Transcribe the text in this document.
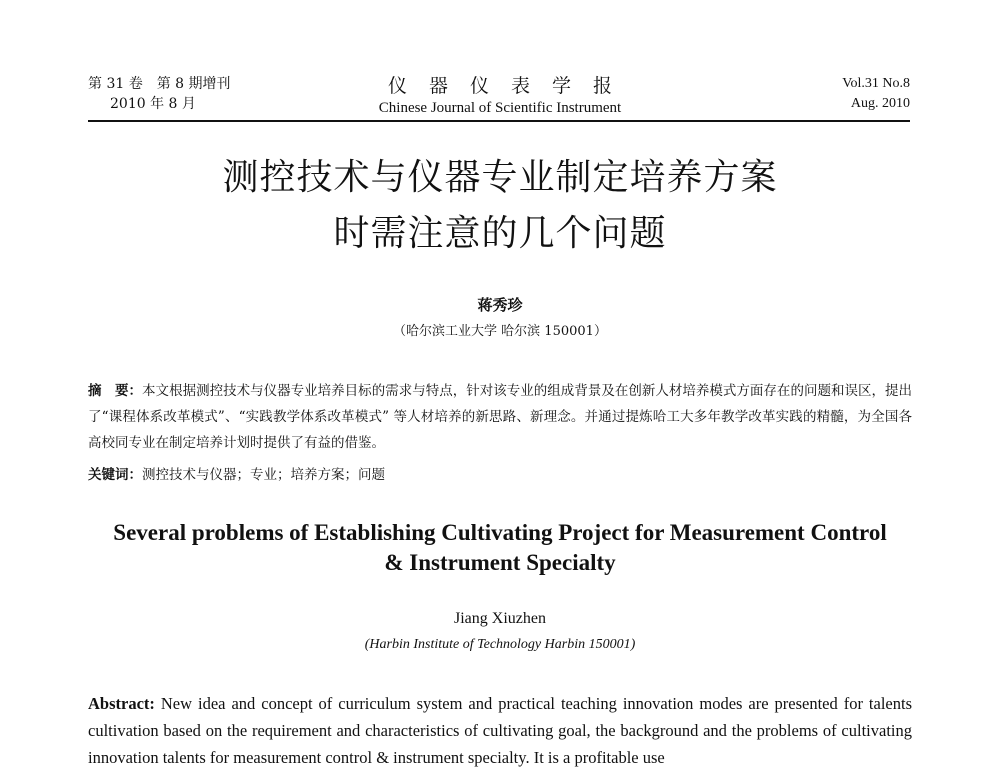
第 31 卷　第 8 期增刊
2010 年 8 月
仪器仪表学报
Chinese Journal of Scientific Instrument
Vol.31 No.8
Aug. 2010
测控技术与仪器专业制定培养方案
时需注意的几个问题
蒋秀珍
（哈尔滨工业大学 哈尔滨 150001）
摘　要：本文根据测控技术与仪器专业培养目标的需求与特点，针对该专业的组成背景及在创新人材培养模式方面存在的问题和误区，提出了“课程体系改革模式”、“实践教学体系改革模式” 等人材培养的新思路、新理念。并通过提炼哈工大多年教学改革实践的精髓，为全国各高校同专业在制定培养计划时提供了有益的借鉴。
关键词：测控技术与仪器；专业；培养方案；问题
Several problems of Establishing Cultivating Project for Measurement Control
& Instrument Specialty
Jiang Xiuzhen
(Harbin Institute of Technology Harbin 150001)
Abstract: New idea and concept of curriculum system and practical teaching innovation modes are presented for talents cultivation based on the requirement and characteristics of cultivating goal, the background and the problems of cultivating innovation talents for measurement control & instrument specialty. It is a profitable use
